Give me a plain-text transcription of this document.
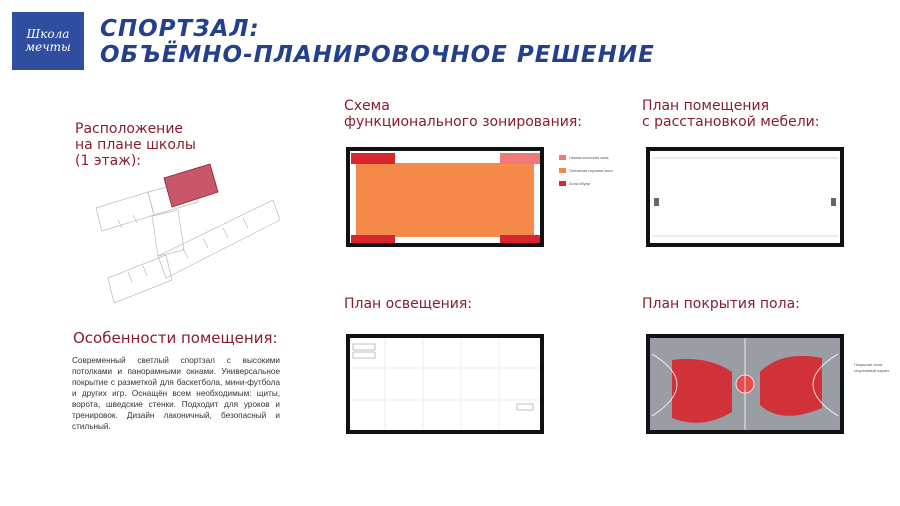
Школа
мечты
СПОРТЗАЛ:
ОБЪЁМНО-ПЛАНИРОВОЧНОЕ РЕШЕНИЕ
Расположение
на плане школы
(1 этаж):
Схема
функционального зонирования:
Гимнастическая зона
Основная игровая зона
Зона обуви
План помещения
с расстановкой мебели:
План освещения:	План покрытия пола:
Покрытие пола
спортивный паркет
Особенности помещения:
Современный светлый спортзал с высокими потолками и панорамными окнами. Универсальное покрытие с разметкой для баскетбола, мини-футбола и других игр. Оснащён всем необходимым: щиты, ворота, шведские стенки. Подходит для уроков и тренировок. Дизайн лаконичный, безопасный и стильный.
